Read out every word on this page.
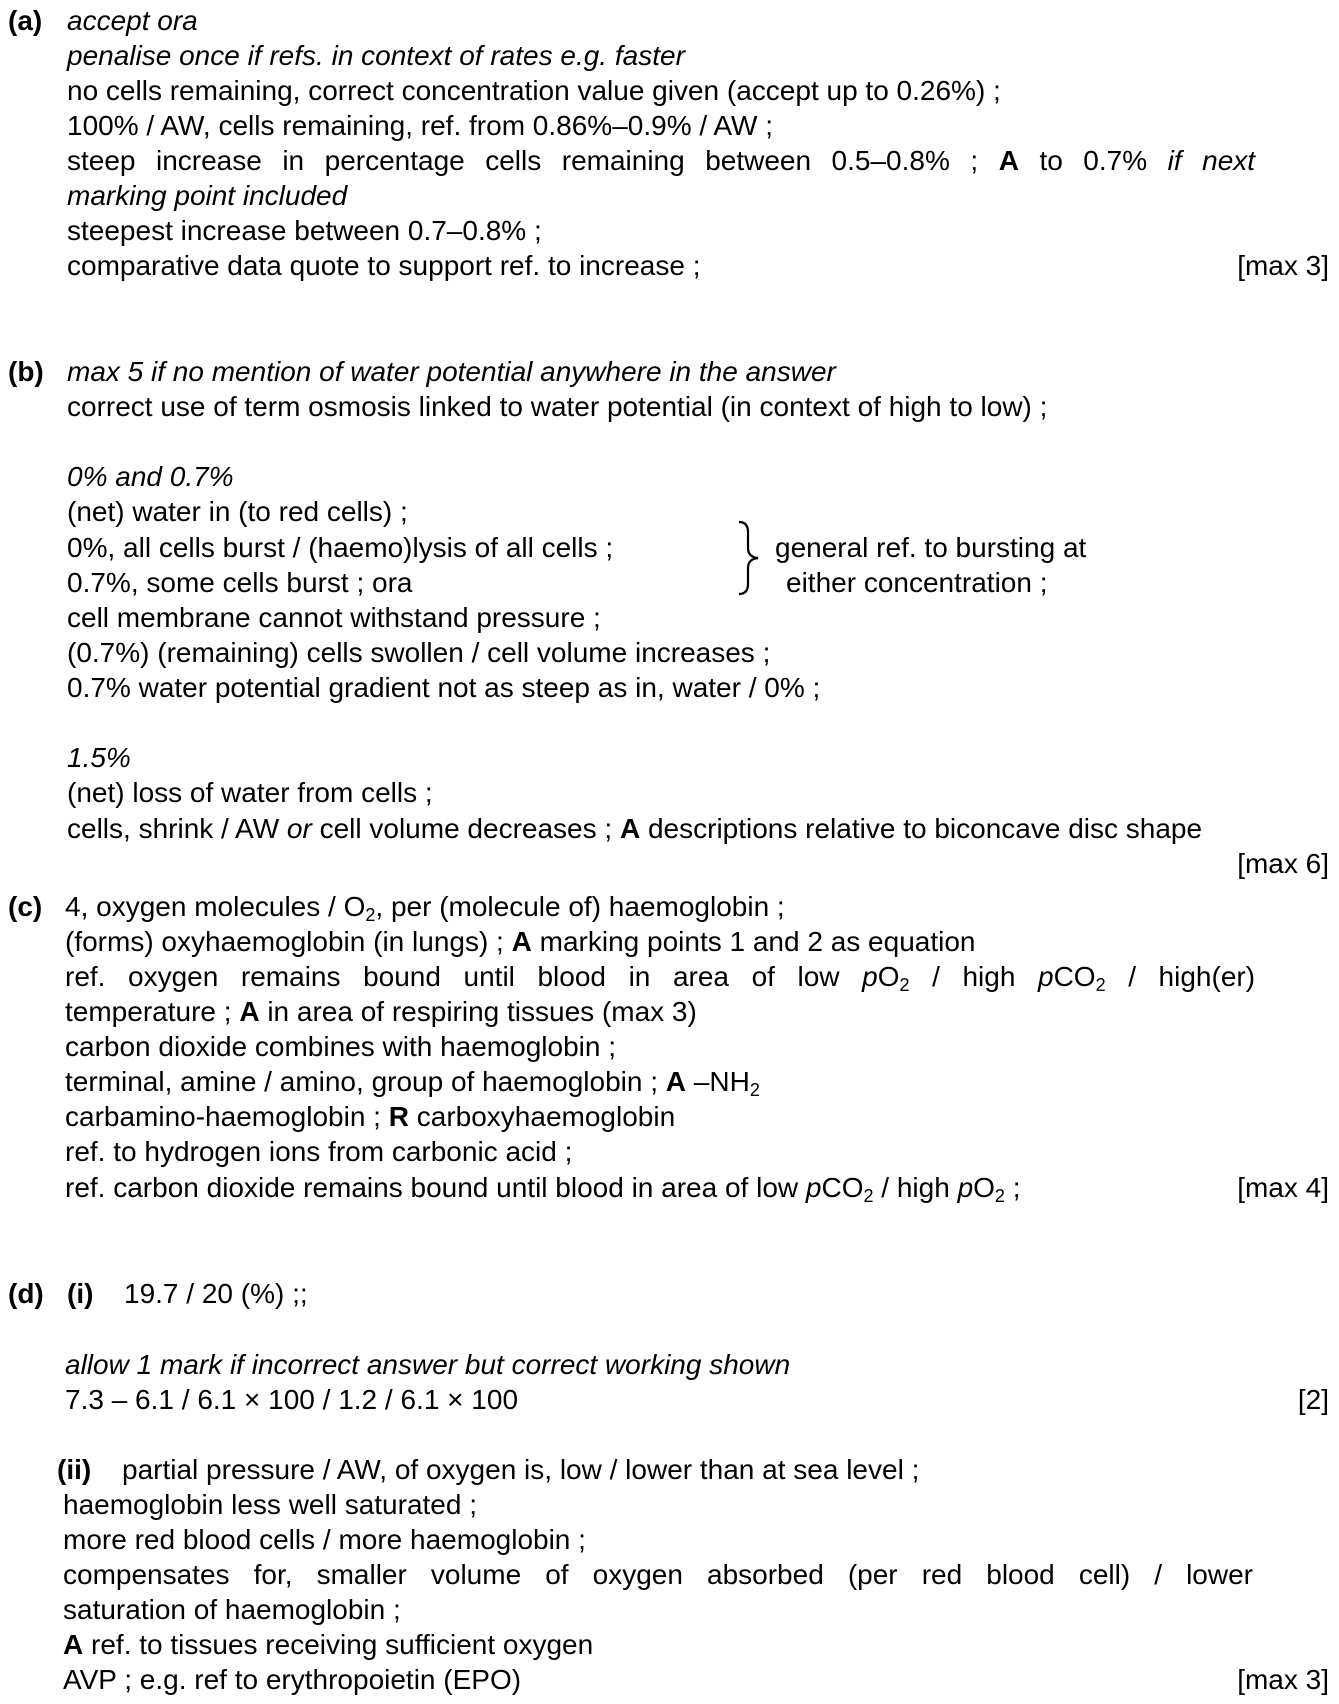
(a) accept ora
penalise once if refs. in context of rates e.g. faster
no cells remaining, correct concentration value given (accept up to 0.26%) ;
100% / AW, cells remaining, ref. from 0.86%–0.9% / AW ;
steep increase in percentage cells remaining between 0.5–0.8% ; A to 0.7% if next
marking point included
steepest increase between 0.7–0.8% ;
comparative data quote to support ref. to increase ;	[max 3]
(b) max 5 if no mention of water potential anywhere in the answer
correct use of term osmosis linked to water potential (in context of high to low) ;
0% and 0.7%
(net) water in (to red cells) ;
0%, all cells burst / (haemo)lysis of all cells ;
0.7%, some cells burst ; ora
general ref. to bursting at
either concentration ;
cell membrane cannot withstand pressure ;
(0.7%) (remaining) cells swollen / cell volume increases ;
0.7% water potential gradient not as steep as in, water / 0% ;
1.5%
(net) loss of water from cells ;
cells, shrink / AW or cell volume decreases ; A descriptions relative to biconcave disc shape
[max 6]
(c) 4, oxygen molecules / $O_2$, per (molecule of) haemoglobin ;
(forms) oxyhaemoglobin (in lungs) ; A marking points 1 and 2 as equation
ref. oxygen remains bound until blood in area of low $pO_2$ / high pCO$_2$ / high(er)
temperature ; A in area of respiring tissues (max 3)
carbon dioxide combines with haemoglobin ;
terminal, amine / amino, group of haemoglobin ; A $-NH_2$
carbamino-haemoglobin ; R carboxyhaemoglobin
ref. to hydrogen ions from carbonic acid ;
ref. carbon dioxide remains bound until blood in area of low pCO$_2$ / high $pO_2$ ;	[max 4]
(d) (i) 19.7 / 20 (%) ;;
allow 1 mark if incorrect answer but correct working shown
7.3 – 6.1 / 6.1 × 100 / 1.2 / 6.1 × 100	[2]
(ii) partial pressure / AW, of oxygen is, low / lower than at sea level ;
haemoglobin less well saturated ;
more red blood cells / more haemoglobin ;
compensates for, smaller volume of oxygen absorbed (per red blood cell) / lower
saturation of haemoglobin ;
A ref. to tissues receiving sufficient oxygen
AVP ; e.g. ref to erythropoietin (EPO)	[max 3]
